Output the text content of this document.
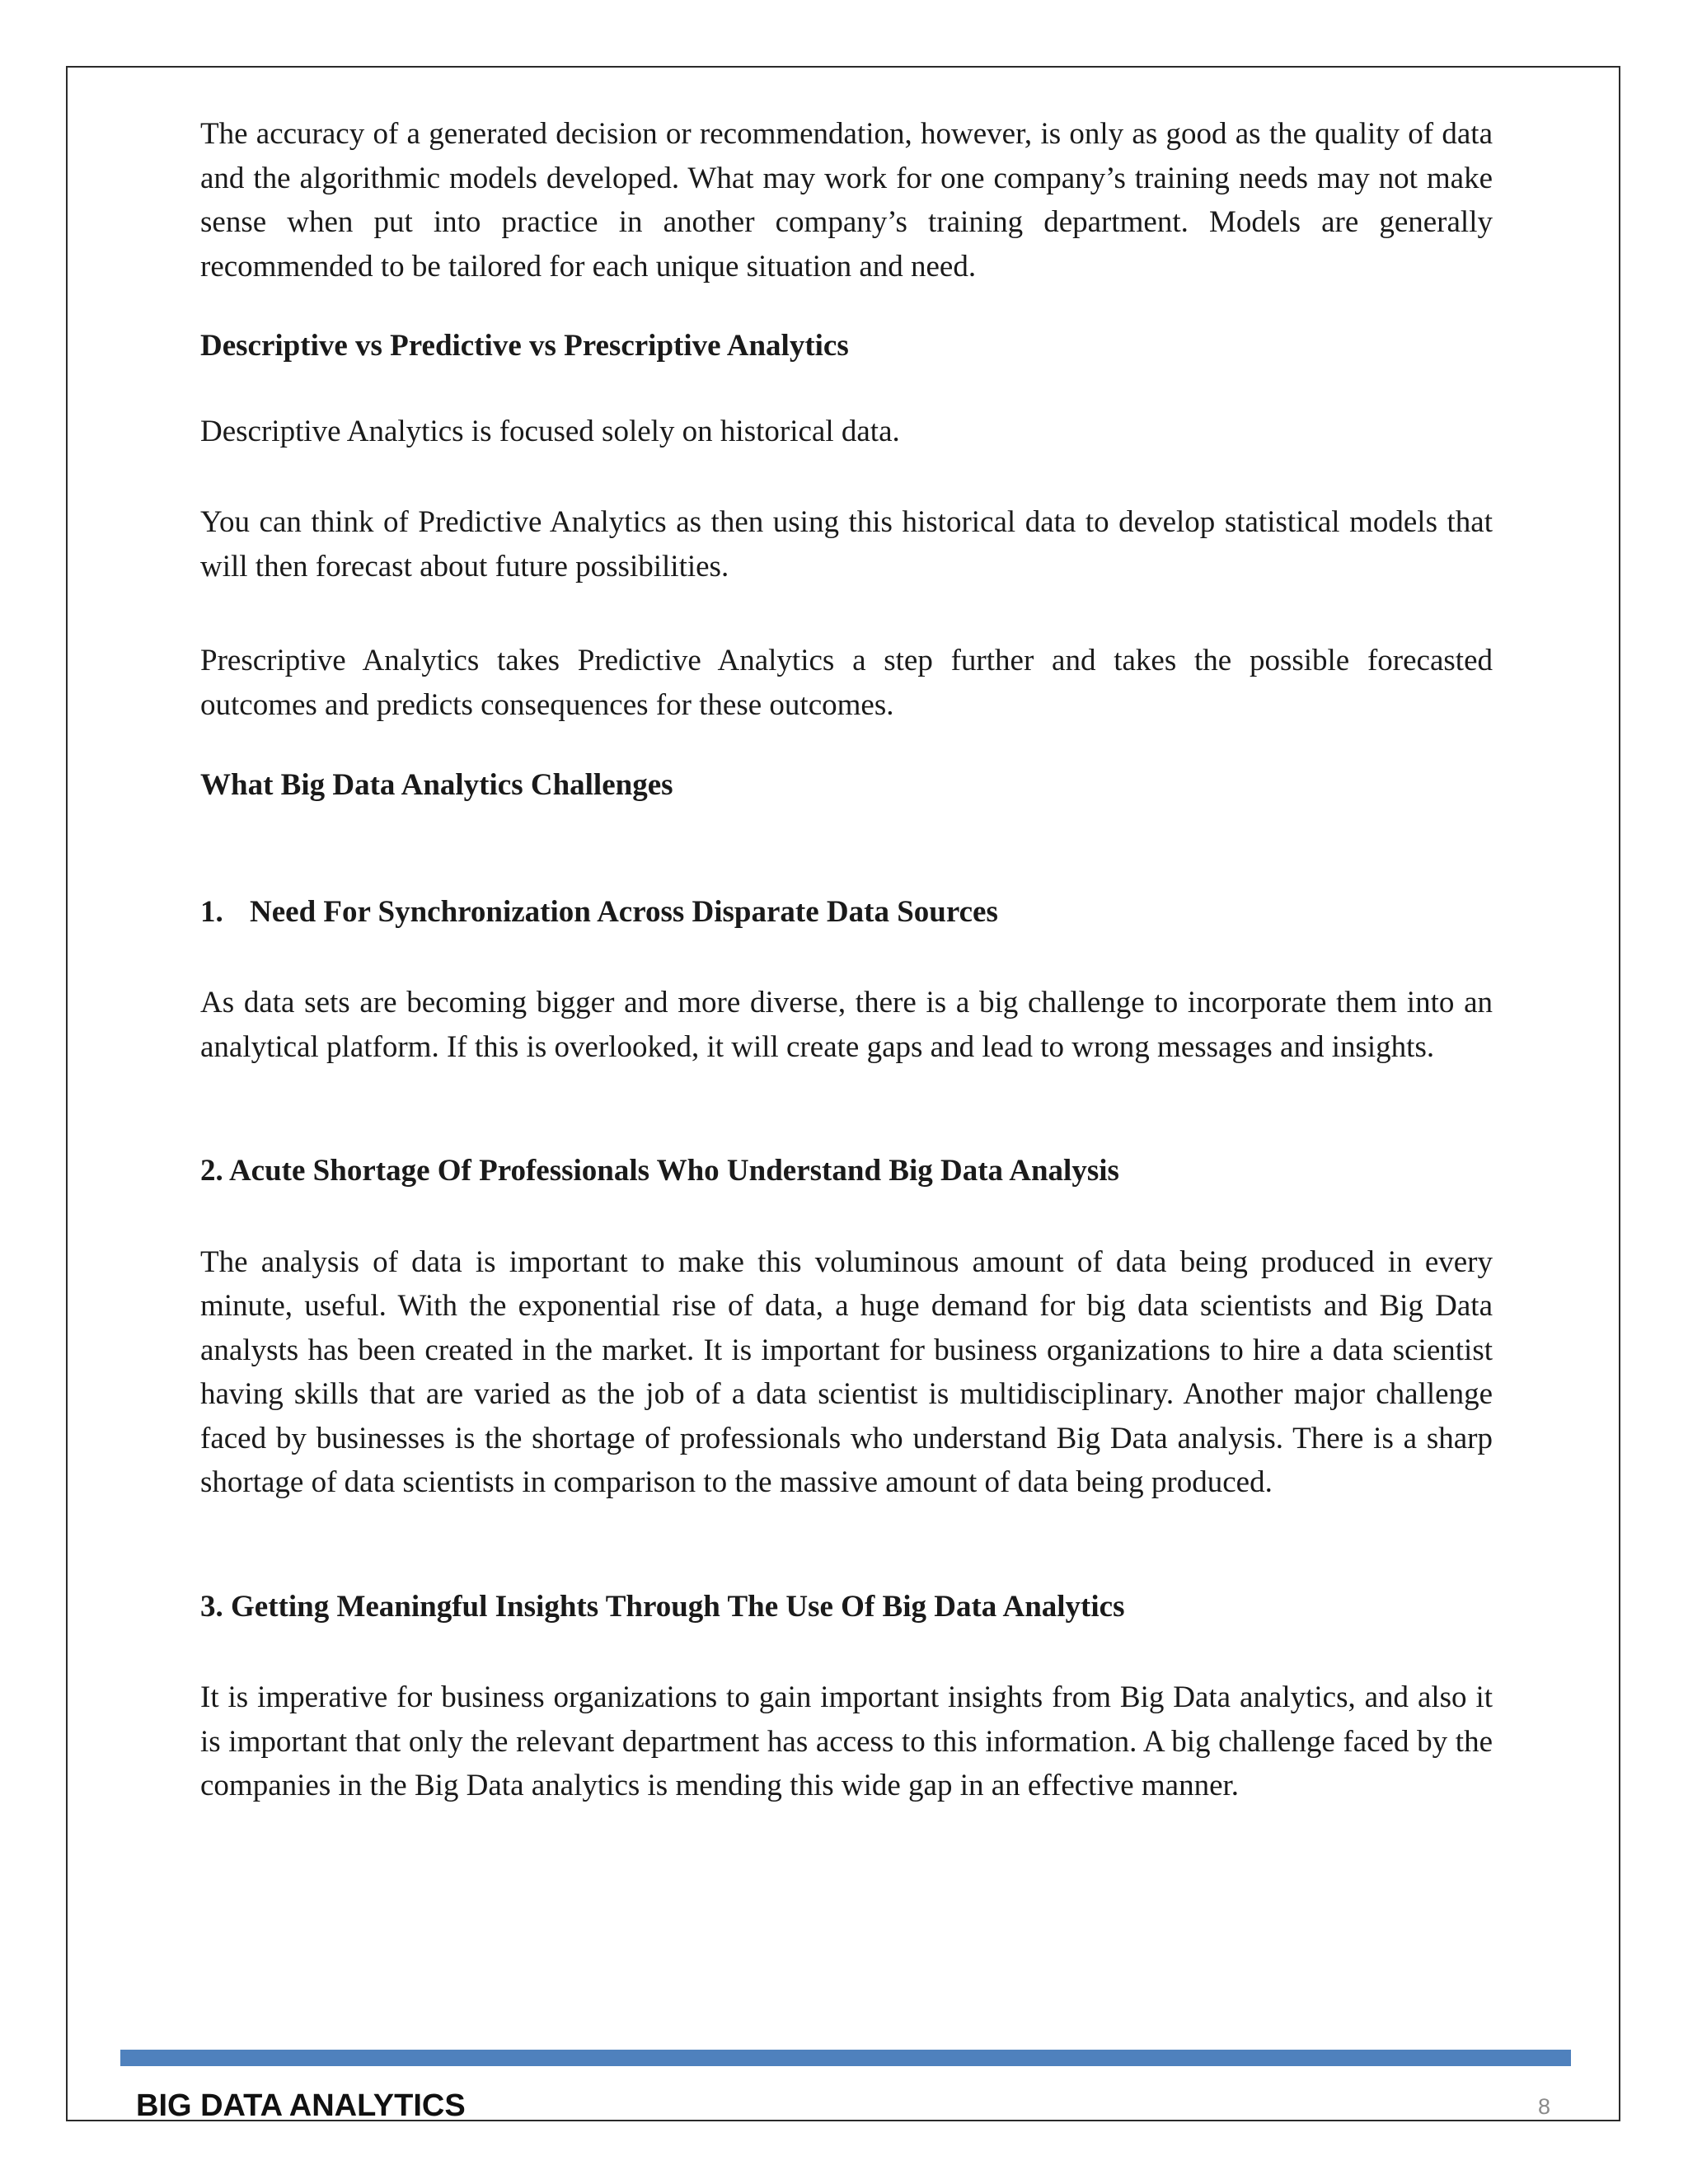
The accuracy of a generated decision or recommendation, however, is only as good as the quality of data and the algorithmic models developed. What may work for one company’s training needs may not make sense when put into practice in another company’s training department. Models are generally recommended to be tailored for each unique situation and need.

Descriptive vs Predictive vs Prescriptive Analytics

Descriptive Analytics is focused solely on historical data.

You can think of Predictive Analytics as then using this historical data to develop statistical models that will then forecast about future possibilities.

Prescriptive Analytics takes Predictive Analytics a step further and takes the possible forecasted outcomes and predicts consequences for these outcomes.

What Big Data Analytics Challenges

1. Need For Synchronization Across Disparate Data Sources

As data sets are becoming bigger and more diverse, there is a big challenge to incorporate them into an analytical platform. If this is overlooked, it will create gaps and lead to wrong messages and insights.

2. Acute Shortage Of Professionals Who Understand Big Data Analysis

The analysis of data is important to make this voluminous amount of data being produced in every minute, useful. With the exponential rise of data, a huge demand for big data scientists and Big Data analysts has been created in the market. It is important for business organizations to hire a data scientist having skills that are varied as the job of a data scientist is multidisciplinary. Another major challenge faced by businesses is the shortage of professionals who understand Big Data analysis. There is a sharp shortage of data scientists in comparison to the massive amount of data being produced.

3. Getting Meaningful Insights Through The Use Of Big Data Analytics

It is imperative for business organizations to gain important insights from Big Data analytics, and also it is important that only the relevant department has access to this information. A big challenge faced by the companies in the Big Data analytics is mending this wide gap in an effective manner.

BIG DATA ANALYTICS	8
